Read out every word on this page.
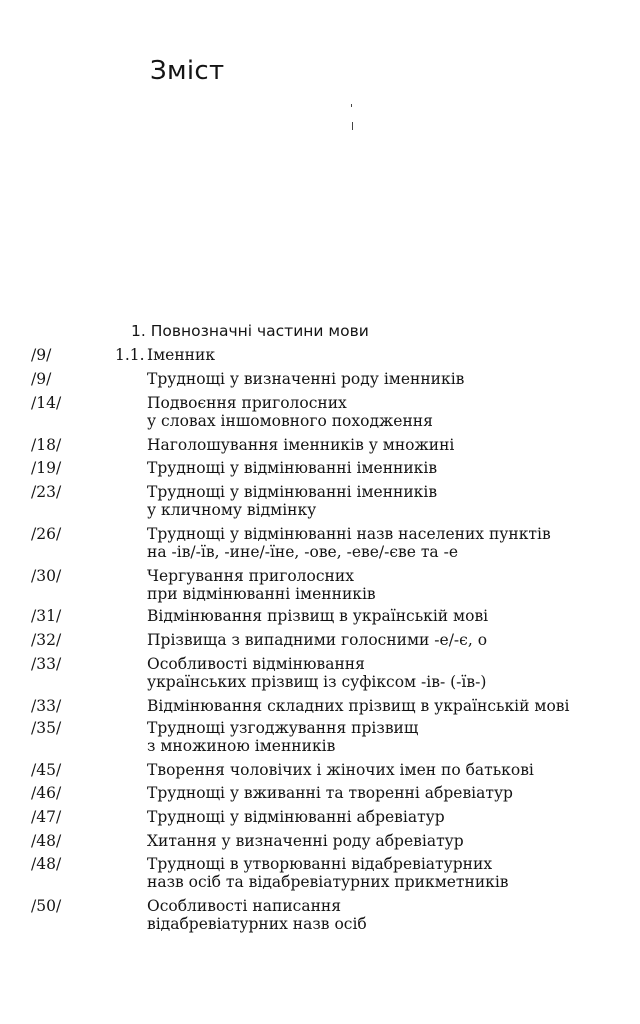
Зміст
1. Повнозначні частини мови
/9/	1.1. Іменник
/9/	Труднощі у визначенні роду іменників
/14/	Подвоєння приголосних
у словах іншомовного походження
/18/	Наголошування іменників у множині
/19/	Труднощі у відмінюванні іменників
/23/	Труднощі у відмінюванні іменників
у кличному відмінку
/26/	Труднощі у відмінюванні назв населених пунктів
на -ів/-їв, -ине/-їне, -ове, -еве/-єве та -е
/30/	Чергування приголосних
при відмінюванні іменників
/31/	Відмінювання прізвищ в українській мові
/32/	Прізвища з випадними голосними -е/-є, о
/33/	Особливості відмінювання
українських прізвищ із суфіксом -ів- (-їв-)
/33/	Відмінювання складних прізвищ в українській мові
/35/	Труднощі узгоджування прізвищ
з множиною іменників
/45/	Творення чоловічих і жіночих імен по батькові
/46/	Труднощі у вживанні та творенні абревіатур
/47/	Труднощі у відмінюванні абревіатур
/48/	Хитання у визначенні роду абревіатур
/48/	Труднощі в утворюванні відабревіатурних
назв осіб та відабревіатурних прикметників
/50/	Особливості написання
відабревіатурних назв осіб
